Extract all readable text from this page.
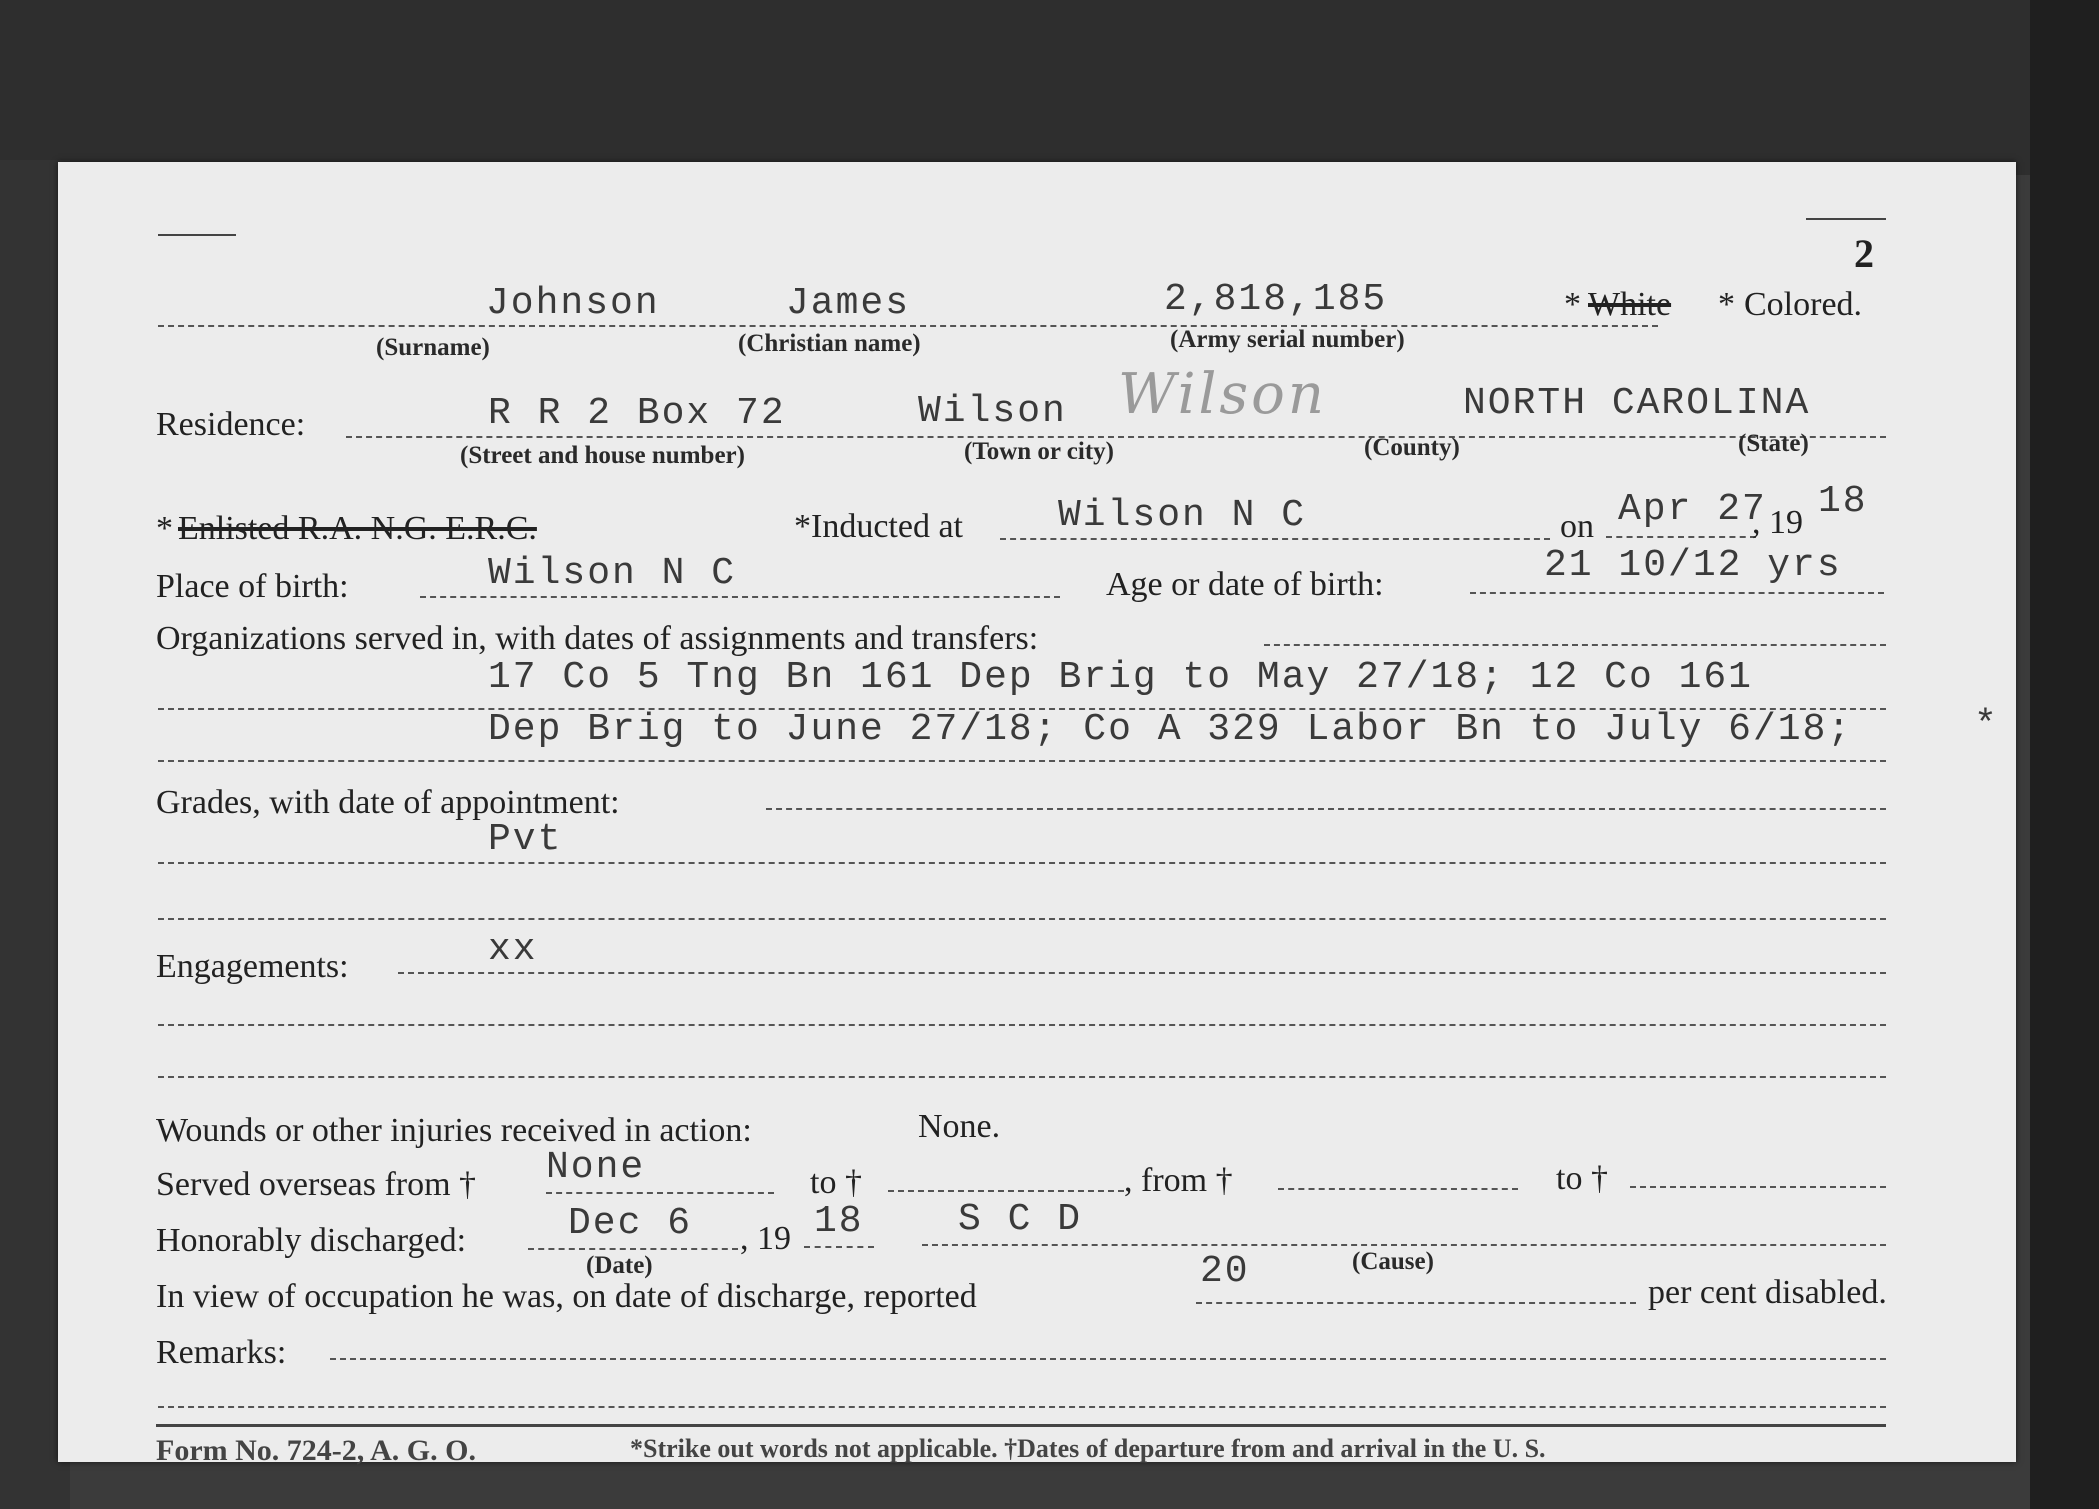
2
Johnson	James	2,818,185	* White * Colored.
(Surname)	(Christian name)	(Army serial number)
Residence:	R R 2 Box 72	Wilson Wilson	NORTH CAROLINA
(Street and house number)	(Town or city)	(County)	(State)
* Enlisted R.A. N.G. E.R.C.	*Inducted at	Wilson N C	on Apr 27
, 19 18
Place of birth:	Wilson N C	Age or date of birth:	21 10/12 yrs
Organizations served in, with dates of assignments and transfers:
17 Co 5 Tng Bn 161 Dep Brig to May 27/18; 12 Co 161
Dep Brig to June 27/18; Co A 329 Labor Bn to July 6/18;	*
Grades, with date of appointment:
Pvt
Engagements:	xx
Wounds or other injuries received in action:	None.
Served overseas from † None	to †	, from †	to †
Honorably discharged:	Dec 6 , 19 18 S C D
(Date)	(Cause)
In view of occupation he was, on date of discharge, reported
20	per cent disabled.
Remarks:
Form No. 724-2, A. G. O.	*Strike out words not applicable. †Dates of departure from and arrival in the U. S.
